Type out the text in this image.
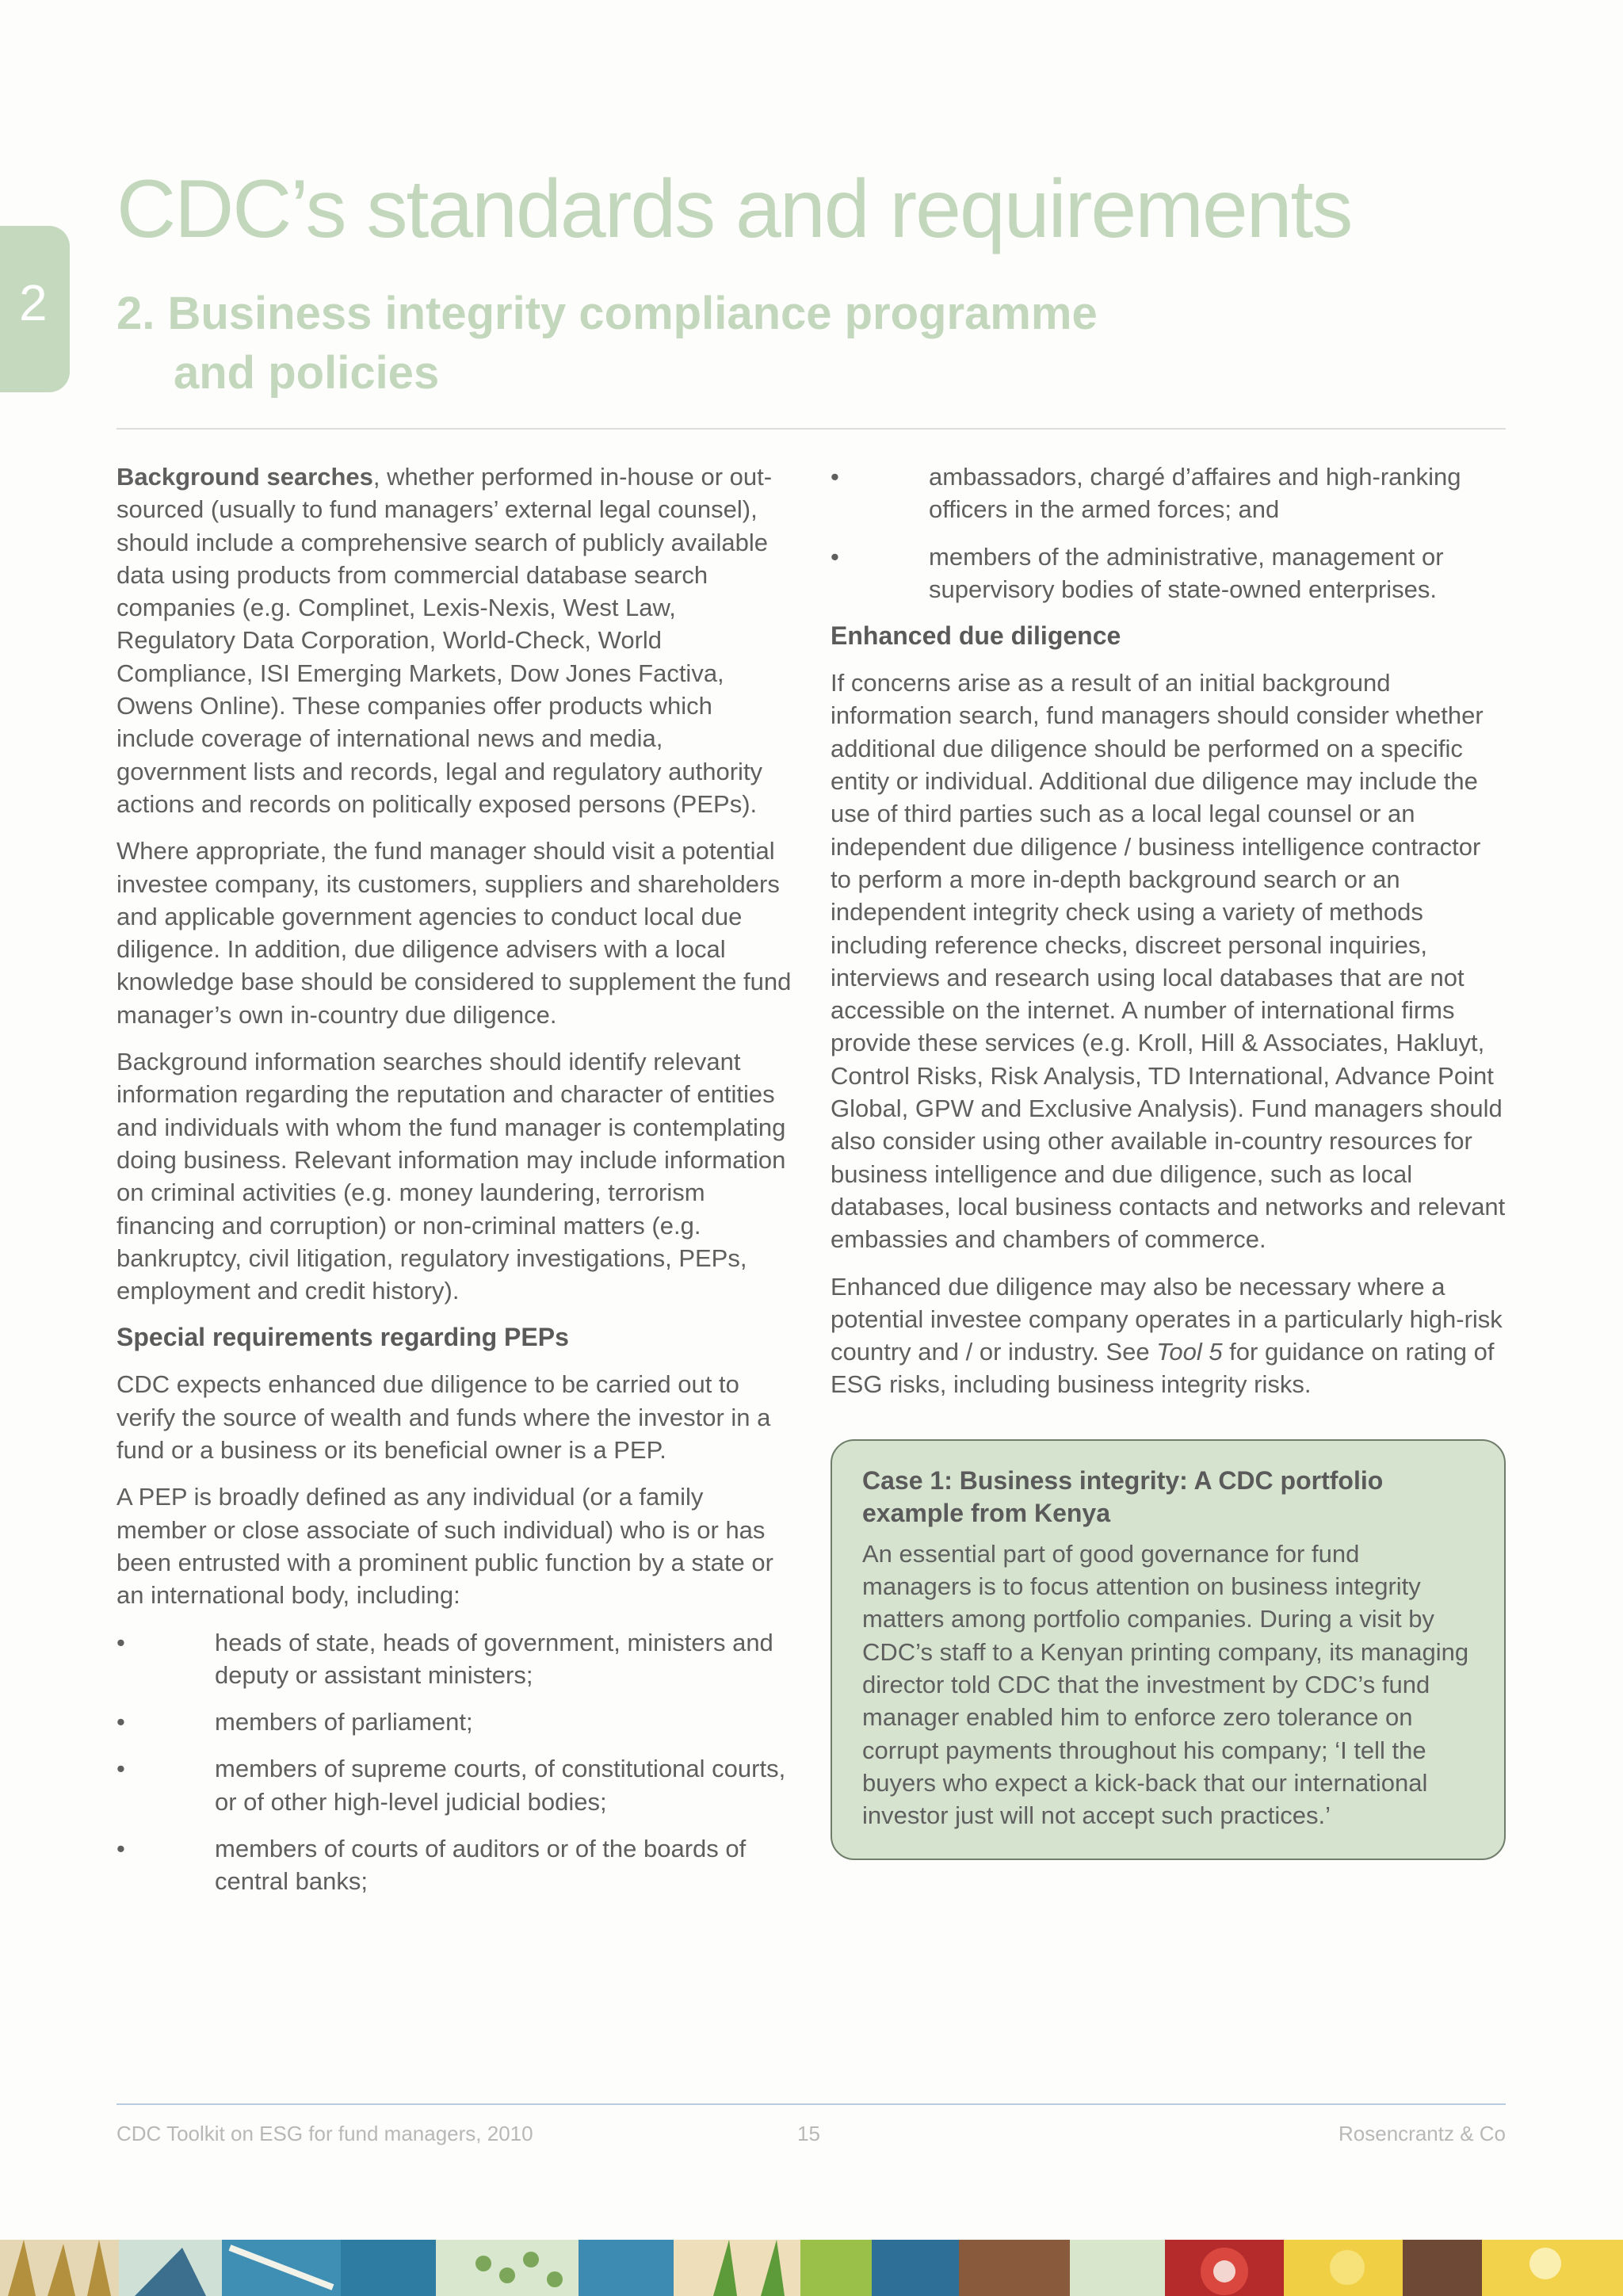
2
CDC’s standards and requirements
2. Business integrity compliance programme
and policies

Background searches, whether performed in-house or out-sourced (usually to fund managers’ external legal counsel), should include a comprehensive search of publicly available data using products from commercial database search companies (e.g. Complinet, Lexis-Nexis, West Law, Regulatory Data Corporation, World-Check, World Compliance, ISI Emerging Markets, Dow Jones Factiva, Owens Online). These companies offer products which include coverage of international news and media, government lists and records, legal and regulatory authority actions and records on politically exposed persons (PEPs).

Where appropriate, the fund manager should visit a potential investee company, its customers, suppliers and shareholders and applicable government agencies to conduct local due diligence. In addition, due diligence advisers with a local knowledge base should be considered to supplement the fund manager’s own in-country due diligence.

Background information searches should identify relevant information regarding the reputation and character of entities and individuals with whom the fund manager is contemplating doing business. Relevant information may include information on criminal activities (e.g. money laundering, terrorism financing and corruption) or non-criminal matters (e.g. bankruptcy, civil litigation, regulatory investigations, PEPs, employment and credit history).

Special requirements regarding PEPs

CDC expects enhanced due diligence to be carried out to verify the source of wealth and funds where the investor in a fund or a business or its beneficial owner is a PEP.

A PEP is broadly defined as any individual (or a family member or close associate of such individual) who is or has been entrusted with a prominent public function by a state or an international body, including:

•	heads of state, heads of government, ministers and deputy or assistant ministers;
•	members of parliament;
•	members of supreme courts, of constitutional courts, or of other high-level judicial bodies;
•	members of courts of auditors or of the boards of central banks;
•	ambassadors, chargé d’affaires and high-ranking officers in the armed forces; and
•	members of the administrative, management or supervisory bodies of state-owned enterprises.
Enhanced due diligence

If concerns arise as a result of an initial background information search, fund managers should consider whether additional due diligence should be performed on a specific entity or individual. Additional due diligence may include the use of third parties such as a local legal counsel or an independent due diligence / business intelligence contractor to perform a more in-depth background search or an independent integrity check using a variety of methods including reference checks, discreet personal inquiries, interviews and research using local databases that are not accessible on the internet. A number of international firms provide these services (e.g. Kroll, Hill & Associates, Hakluyt, Control Risks, Risk Analysis, TD International, Advance Point Global, GPW and Exclusive Analysis). Fund managers should also consider using other available in-country resources for business intelligence and due diligence, such as local databases, local business contacts and networks and relevant embassies and chambers of commerce.

Enhanced due diligence may also be necessary where a potential investee company operates in a particularly high-risk country and / or industry. See Tool 5 for guidance on rating of ESG risks, including business integrity risks.

Case 1: Business integrity: A CDC portfolio example from Kenya

An essential part of good governance for fund managers is to focus attention on business integrity matters among portfolio companies. During a visit by CDC’s staff to a Kenyan printing company, its managing director told CDC that the investment by CDC’s fund manager enabled him to enforce zero tolerance on corrupt payments throughout his company; ‘I tell the buyers who expect a kick-back that our international investor just will not accept such practices.’

CDC Toolkit on ESG for fund managers, 2010	15	Rosencrantz & Co
